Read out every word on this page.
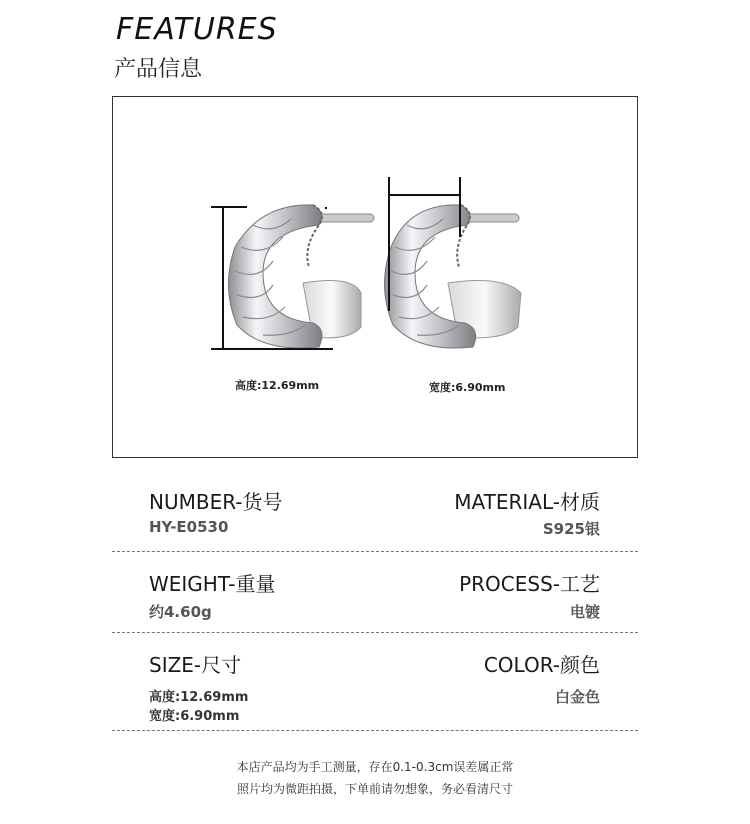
FEATURES
产品信息
高度:12.69mm	宽度:6.90mm
NUMBER-货号
HY-E0530
MATERIAL-材质
S925银
WEIGHT-重量
约4.60g
PROCESS-工艺
电镀
SIZE-尺寸
高度:12.69mm
宽度:6.90mm
COLOR-颜色
白金色
本店产品均为手工测量，存在0.1-0.3cm误差属正常
照片均为微距拍摄，下单前请勿想象，务必看清尺寸
